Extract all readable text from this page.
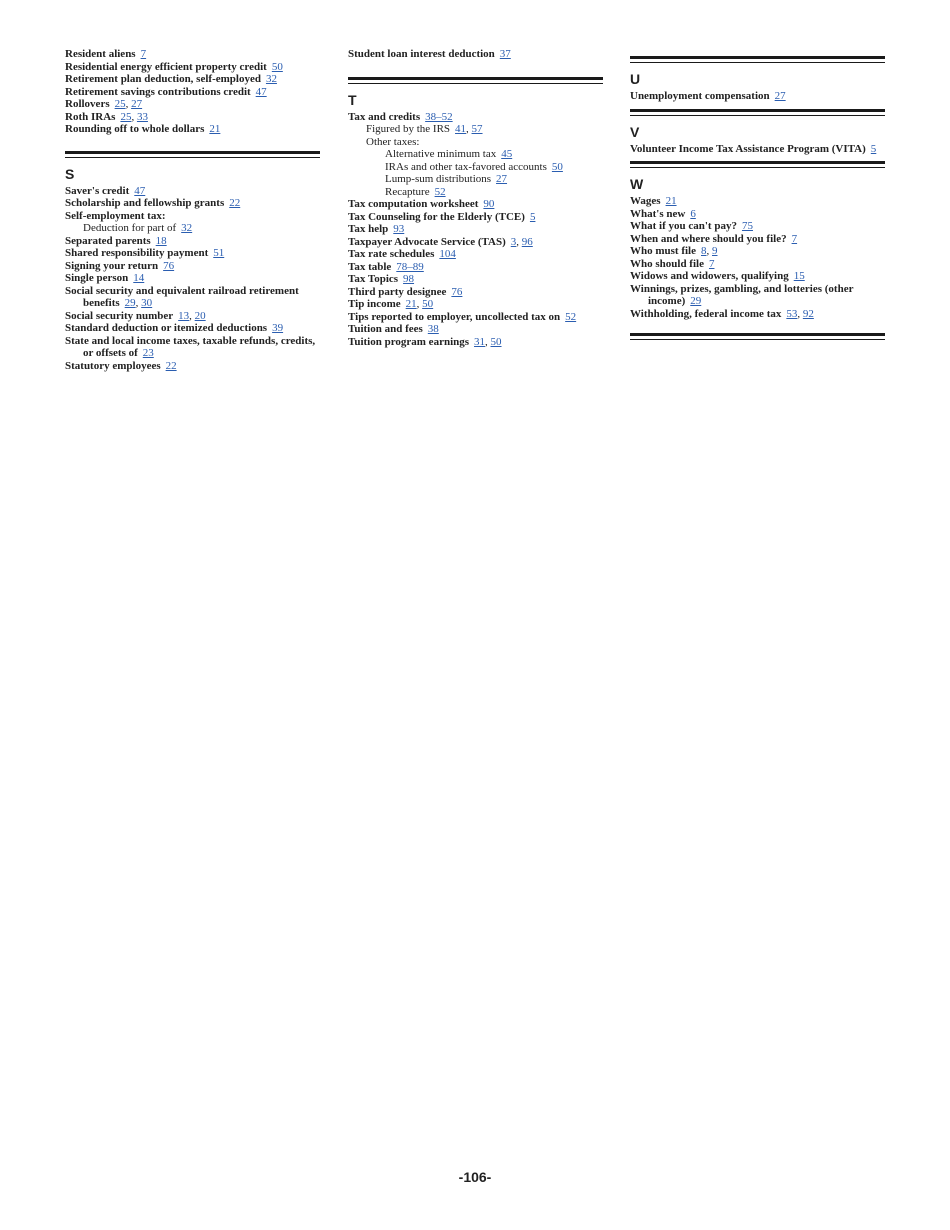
Resident aliens 7
Residential energy efficient property credit 50
Retirement plan deduction, self-employed 32
Retirement savings contributions credit 47
Rollovers 25, 27
Roth IRAs 25, 33
Rounding off to whole dollars 21
S
Saver's credit 47
Scholarship and fellowship grants 22
Self-employment tax:
Deduction for part of 32
Separated parents 18
Shared responsibility payment 51
Signing your return 76
Single person 14
Social security and equivalent railroad retirement benefits 29, 30
Social security number 13, 20
Standard deduction or itemized deductions 39
State and local income taxes, taxable refunds, credits, or offsets of 23
Statutory employees 22
Student loan interest deduction 37
T
Tax and credits 38–52
Figured by the IRS 41, 57
Other taxes:
Alternative minimum tax 45
IRAs and other tax-favored accounts 50
Lump-sum distributions 27
Recapture 52
Tax computation worksheet 90
Tax Counseling for the Elderly (TCE) 5
Tax help 93
Taxpayer Advocate Service (TAS) 3, 96
Tax rate schedules 104
Tax table 78–89
Tax Topics 98
Third party designee 76
Tip income 21, 50
Tips reported to employer, uncollected tax on 52
Tuition and fees 38
Tuition program earnings 31, 50
U
Unemployment compensation 27
V
Volunteer Income Tax Assistance Program (VITA) 5
W
Wages 21
What's new 6
What if you can't pay? 75
When and where should you file? 7
Who must file 8, 9
Who should file 7
Widows and widowers, qualifying 15
Winnings, prizes, gambling, and lotteries (other income) 29
Withholding, federal income tax 53, 92
-106-
